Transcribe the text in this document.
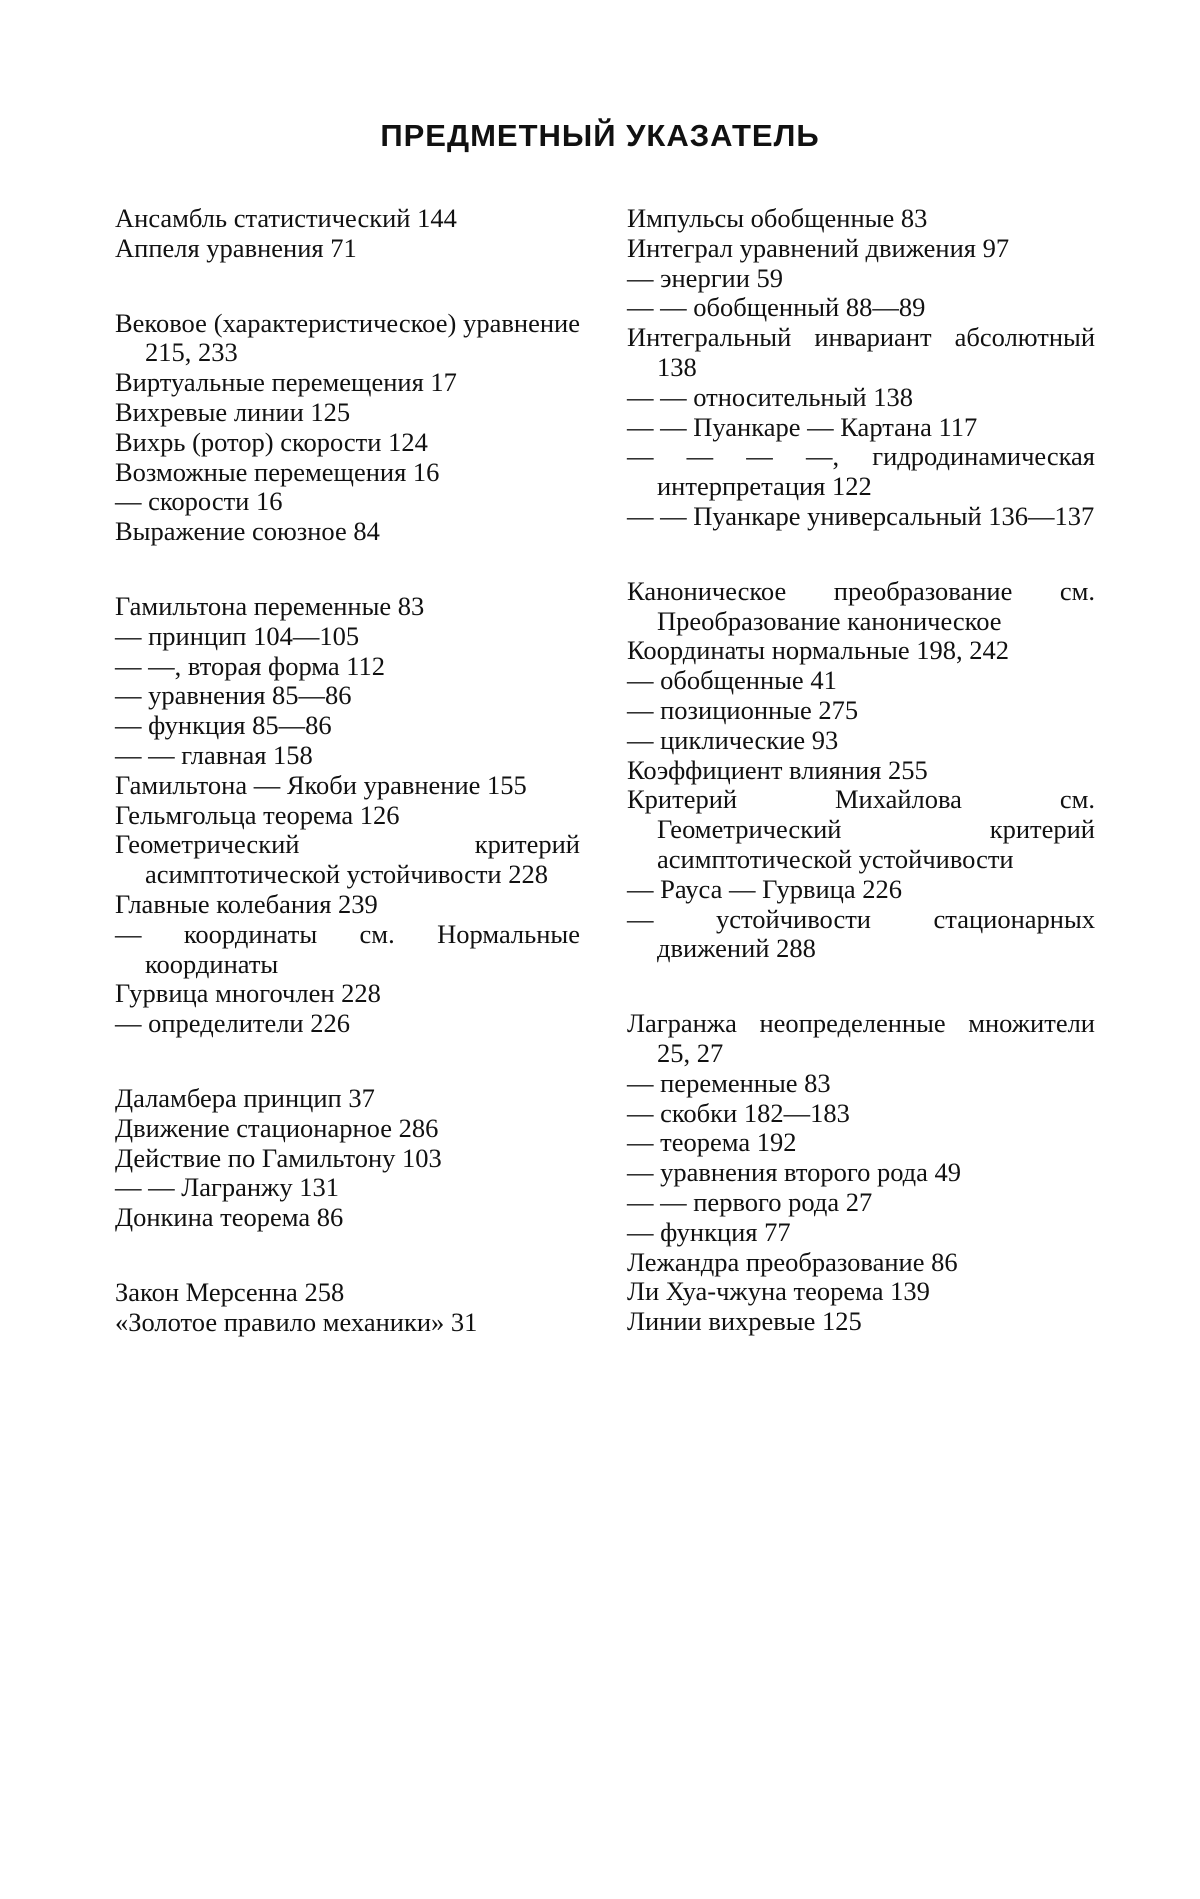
ПРЕДМЕТНЫЙ УКАЗАТЕЛЬ

Ансамбль статистический 144

Аппеля уравнения 71

Вековое (характеристическое) уравнение 215, 233

Виртуальные перемещения 17

Вихревые линии 125

Вихрь (ротор) скорости 124

Возможные перемещения 16

— скорости 16

Выражение союзное 84

Гамильтона переменные 83

— принцип 104—105

— —, вторая форма 112

— уравнения 85—86

— функция 85—86

— — главная 158

Гамильтона — Якоби уравнение 155

Гельмгольца теорема 126

Геометрический критерий асимптотической устойчивости 228

Главные колебания 239

— координаты см. Нормальные координаты

Гурвица многочлен 228

— определители 226

Даламбера принцип 37

Движение стационарное 286

Действие по Гамильтону 103

— — Лагранжу 131

Донкина теорема 86

Закон Мерсенна 258

«Золотое правило механики» 31

Импульсы обобщенные 83

Интеграл уравнений движения 97

— энергии 59

— — обобщенный 88—89

Интегральный инвариант абсолютный 138

— — относительный 138

— — Пуанкаре — Картана 117

— — — —, гидродинамическая интерпретация 122

— — Пуанкаре универсальный 136—137

Каноническое преобразование см. Преобразование каноническое

Координаты нормальные 198, 242

— обобщенные 41

— позиционные 275

— циклические 93

Коэффициент влияния 255

Критерий Михайлова см. Геометрический критерий асимптотической устойчивости

— Рауса — Гурвица 226

— устойчивости стационарных движений 288

Лагранжа неопределенные множители 25, 27

— переменные 83

— скобки 182—183

— теорема 192

— уравнения второго рода 49

— — первого рода 27

— функция 77

Лежандра преобразование 86

Ли Хуа-чжуна теорема 139

Линии вихревые 125
